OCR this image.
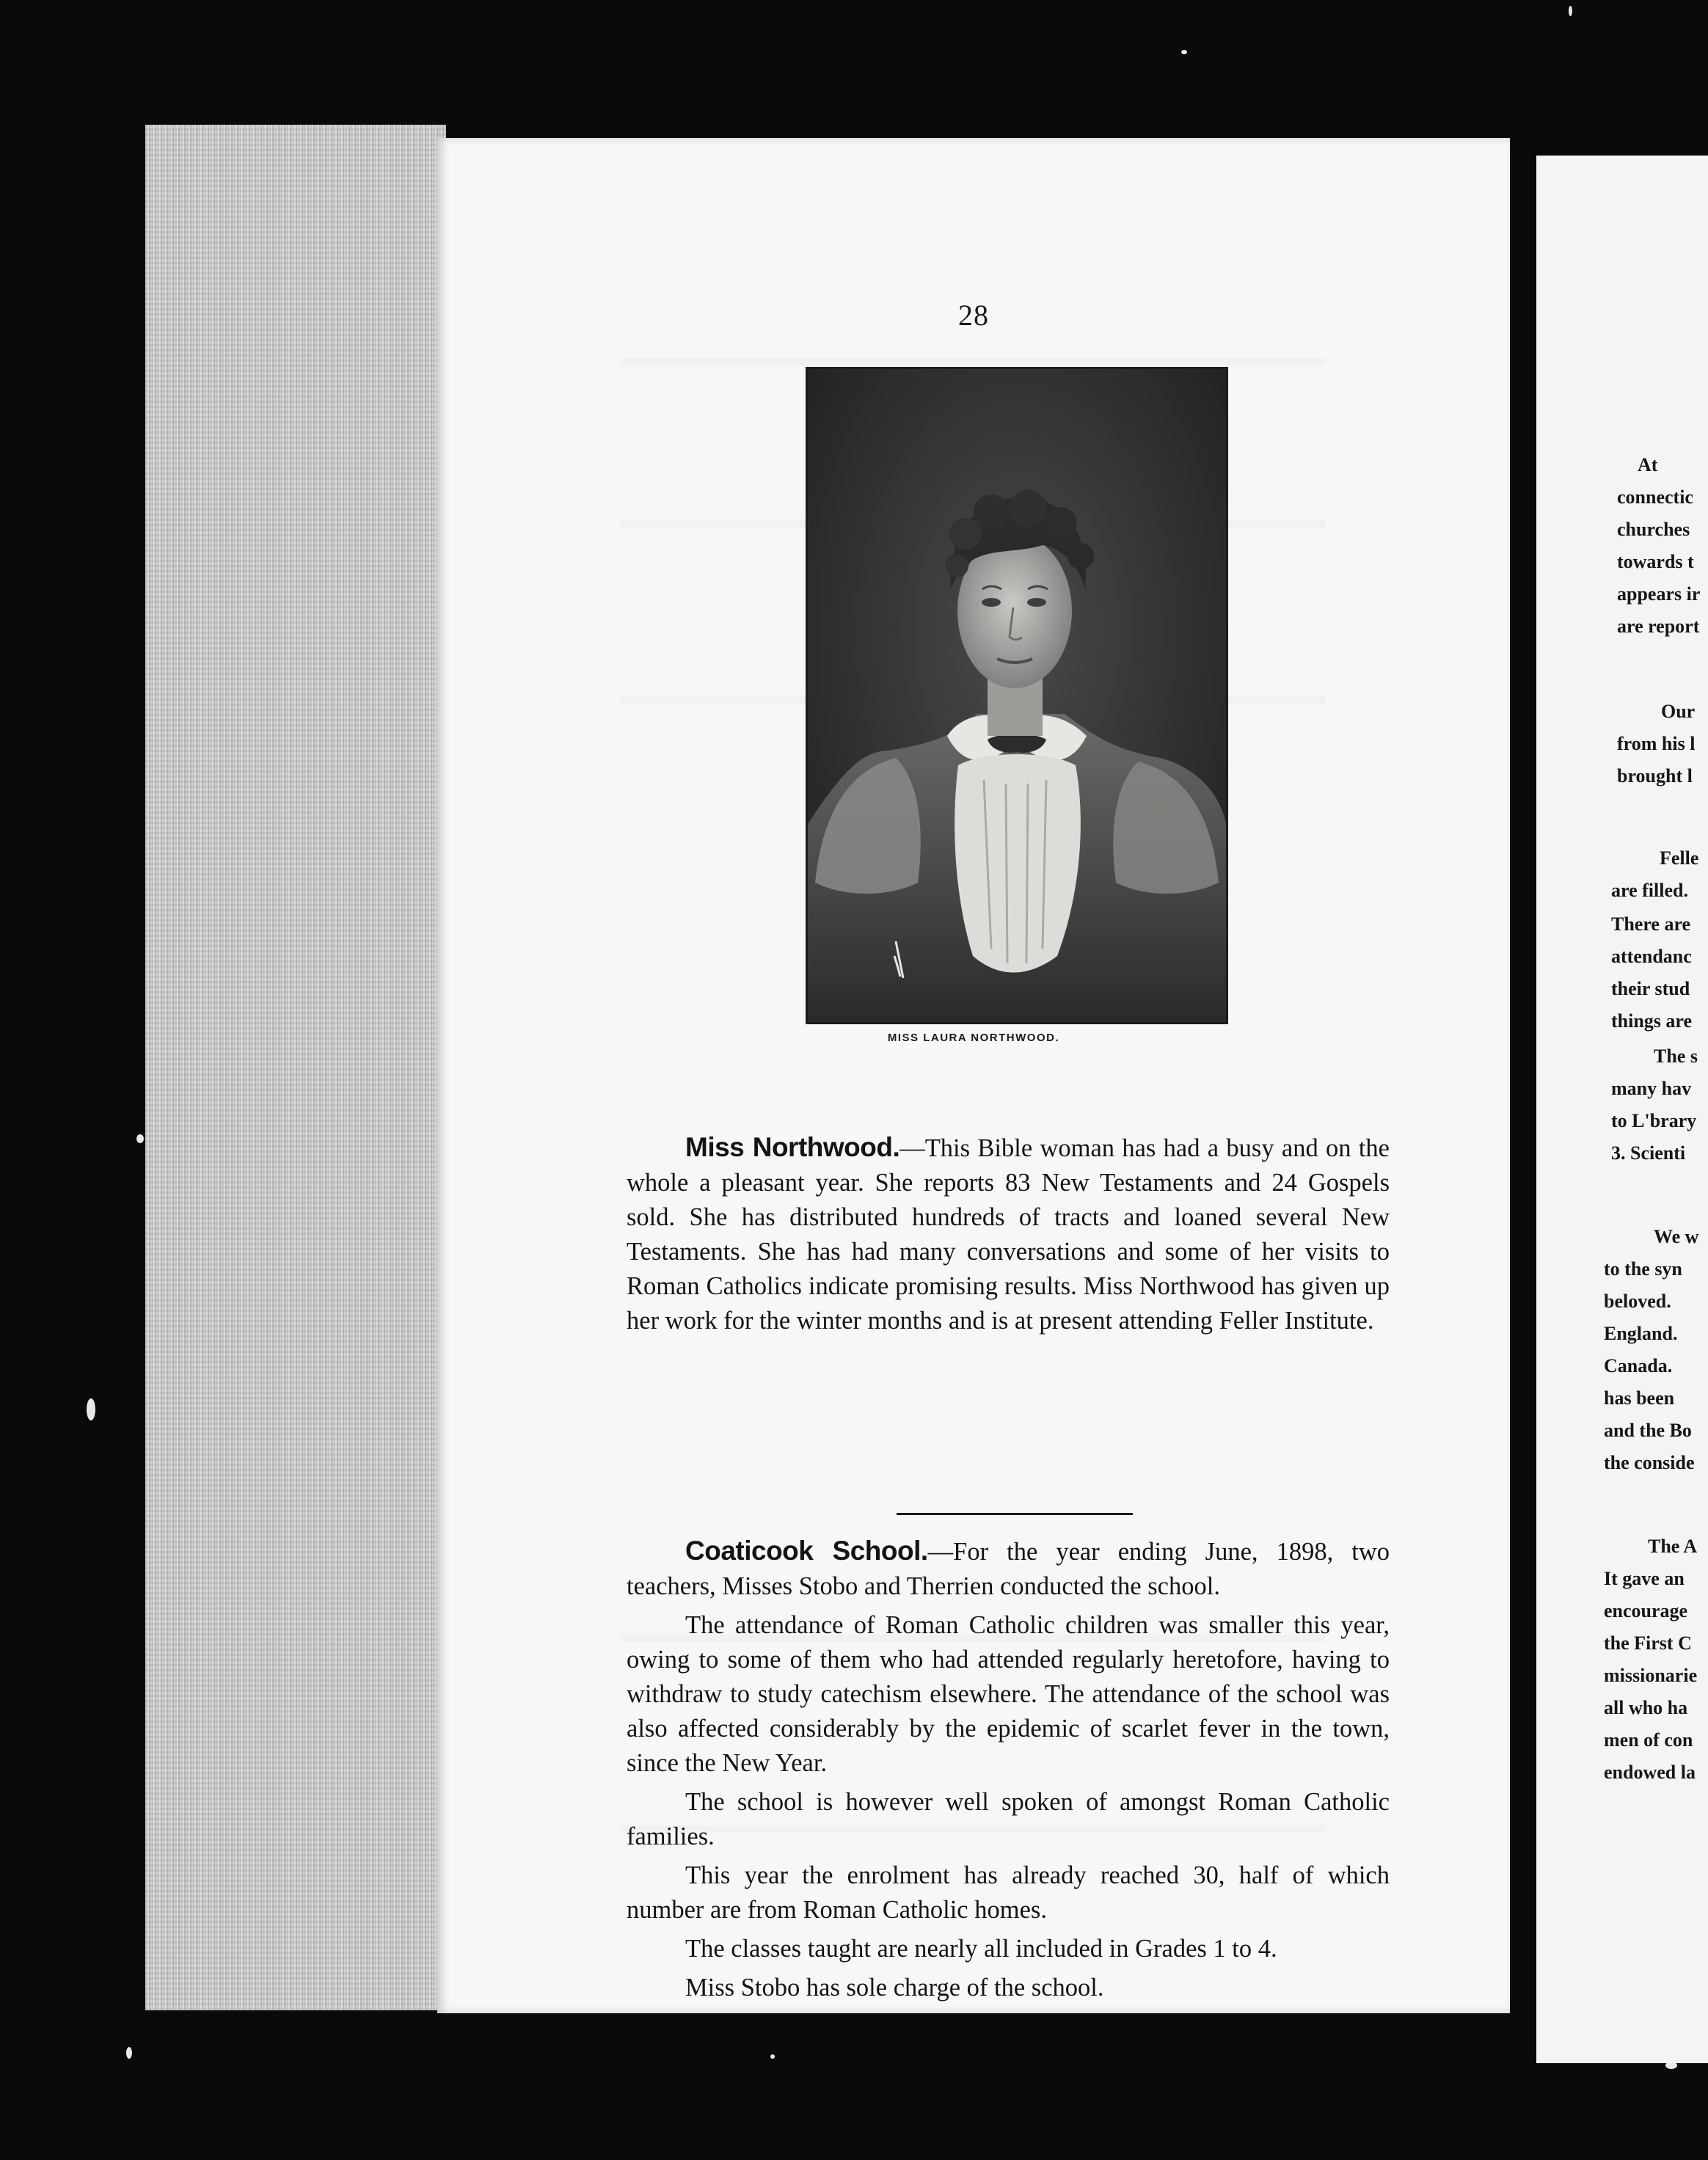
At
connectic
churches
towards t
appears ir
are report
Our
from his l
brought l
Felle
are filled.
There are
attendanc
their stud
things are
The s
many hav
to L'brary
3. Scienti
We w
to the syn
beloved.
England.
Canada.
has been
and the Bo
the conside
The A
It gave an
encourage
the First C
missionarie
all who ha
men of con
endowed la
28
MISS LAURA NORTHWOOD.

Miss Northwood.—This Bible woman has had a busy and on the whole a pleasant year. She reports 83 New Testaments and 24 Gospels sold. She has distributed hundreds of tracts and loaned several New Testaments. She has had many conversations and some of her visits to Roman Catholics indicate promising results. Miss Northwood has given up her work for the winter months and is at present attending Feller Institute.

Coaticook School.—For the year ending June, 1898, two teachers, Misses Stobo and Therrien conducted the school.

The attendance of Roman Catholic children was smaller this year, owing to some of them who had attended regularly heretofore, having to withdraw to study catechism elsewhere. The attendance of the school was also affected considerably by the epidemic of scarlet fever in the town, since the New Year.

The school is however well spoken of amongst Roman Catholic families.

This year the enrolment has already reached 30, half of which number are from Roman Catholic homes.

The classes taught are nearly all included in Grades 1 to 4.

Miss Stobo has sole charge of the school.
